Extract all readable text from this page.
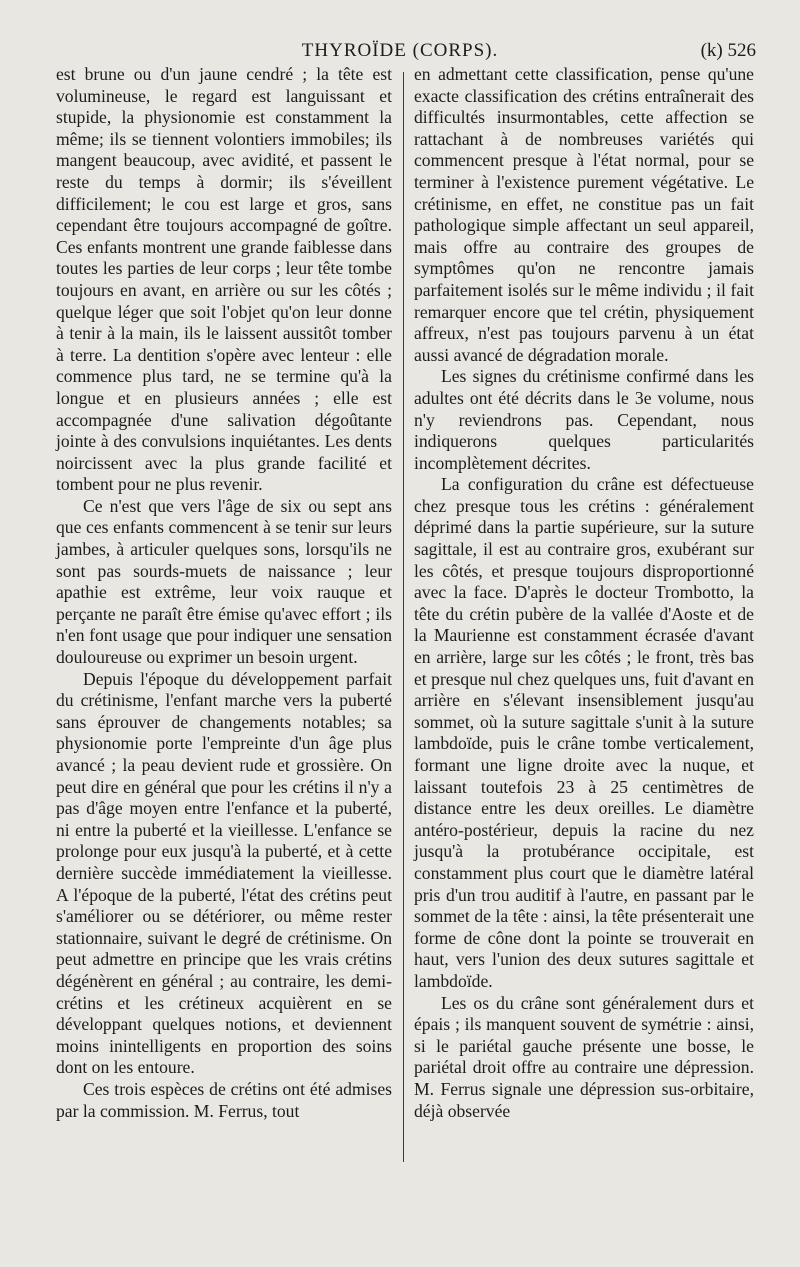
THYROÏDE (CORPS).	(k) 526

est brune ou d'un jaune cendré ; la tête est volumineuse, le regard est languissant et stupide, la physionomie est constamment la même; ils se tiennent volontiers immobiles; ils mangent beaucoup, avec avidité, et passent le reste du temps à dormir; ils s'éveillent difficilement; le cou est large et gros, sans cependant être toujours accompagné de goître. Ces enfants montrent une grande faiblesse dans toutes les parties de leur corps ; leur tête tombe toujours en avant, en arrière ou sur les côtés ; quelque léger que soit l'objet qu'on leur donne à tenir à la main, ils le laissent aussitôt tomber à terre. La dentition s'opère avec lenteur : elle commence plus tard, ne se termine qu'à la longue et en plusieurs années ; elle est accompagnée d'une salivation dégoûtante jointe à des convulsions inquiétantes. Les dents noircissent avec la plus grande facilité et tombent pour ne plus revenir.

Ce n'est que vers l'âge de six ou sept ans que ces enfants commencent à se tenir sur leurs jambes, à articuler quelques sons, lorsqu'ils ne sont pas sourds-muets de naissance ; leur apathie est extrême, leur voix rauque et perçante ne paraît être émise qu'avec effort ; ils n'en font usage que pour indiquer une sensation douloureuse ou exprimer un besoin urgent.

Depuis l'époque du développement parfait du crétinisme, l'enfant marche vers la puberté sans éprouver de changements notables; sa physionomie porte l'empreinte d'un âge plus avancé ; la peau devient rude et grossière. On peut dire en général que pour les crétins il n'y a pas d'âge moyen entre l'enfance et la puberté, ni entre la puberté et la vieillesse. L'enfance se prolonge pour eux jusqu'à la puberté, et à cette dernière succède immédiatement la vieillesse. A l'époque de la puberté, l'état des crétins peut s'améliorer ou se détériorer, ou même rester stationnaire, suivant le degré de crétinisme. On peut admettre en principe que les vrais crétins dégénèrent en général ; au contraire, les demi-crétins et les crétineux acquièrent en se développant quelques notions, et deviennent moins inintelligents en proportion des soins dont on les entoure.

Ces trois espèces de crétins ont été admises par la commission. M. Ferrus, tout

en admettant cette classification, pense qu'une exacte classification des crétins entraînerait des difficultés insurmontables, cette affection se rattachant à de nombreuses variétés qui commencent presque à l'état normal, pour se terminer à l'existence purement végétative. Le crétinisme, en effet, ne constitue pas un fait pathologique simple affectant un seul appareil, mais offre au contraire des groupes de symptômes qu'on ne rencontre jamais parfaitement isolés sur le même individu ; il fait remarquer encore que tel crétin, physiquement affreux, n'est pas toujours parvenu à un état aussi avancé de dégradation morale.

Les signes du crétinisme confirmé dans les adultes ont été décrits dans le 3e volume, nous n'y reviendrons pas. Cependant, nous indiquerons quelques particularités incomplètement décrites.

La configuration du crâne est défectueuse chez presque tous les crétins : généralement déprimé dans la partie supérieure, sur la suture sagittale, il est au contraire gros, exubérant sur les côtés, et presque toujours disproportionné avec la face. D'après le docteur Trombotto, la tête du crétin pubère de la vallée d'Aoste et de la Maurienne est constamment écrasée d'avant en arrière, large sur les côtés ; le front, très bas et presque nul chez quelques uns, fuit d'avant en arrière en s'élevant insensiblement jusqu'au sommet, où la suture sagittale s'unit à la suture lambdoïde, puis le crâne tombe verticalement, formant une ligne droite avec la nuque, et laissant toutefois 23 à 25 centimètres de distance entre les deux oreilles. Le diamètre antéro-postérieur, depuis la racine du nez jusqu'à la protubérance occipitale, est constamment plus court que le diamètre latéral pris d'un trou auditif à l'autre, en passant par le sommet de la tête : ainsi, la tête présenterait une forme de cône dont la pointe se trouverait en haut, vers l'union des deux sutures sagittale et lambdoïde.

Les os du crâne sont généralement durs et épais ; ils manquent souvent de symétrie : ainsi, si le pariétal gauche présente une bosse, le pariétal droit offre au contraire une dépression. M. Ferrus signale une dépression sus-orbitaire, déjà observée
